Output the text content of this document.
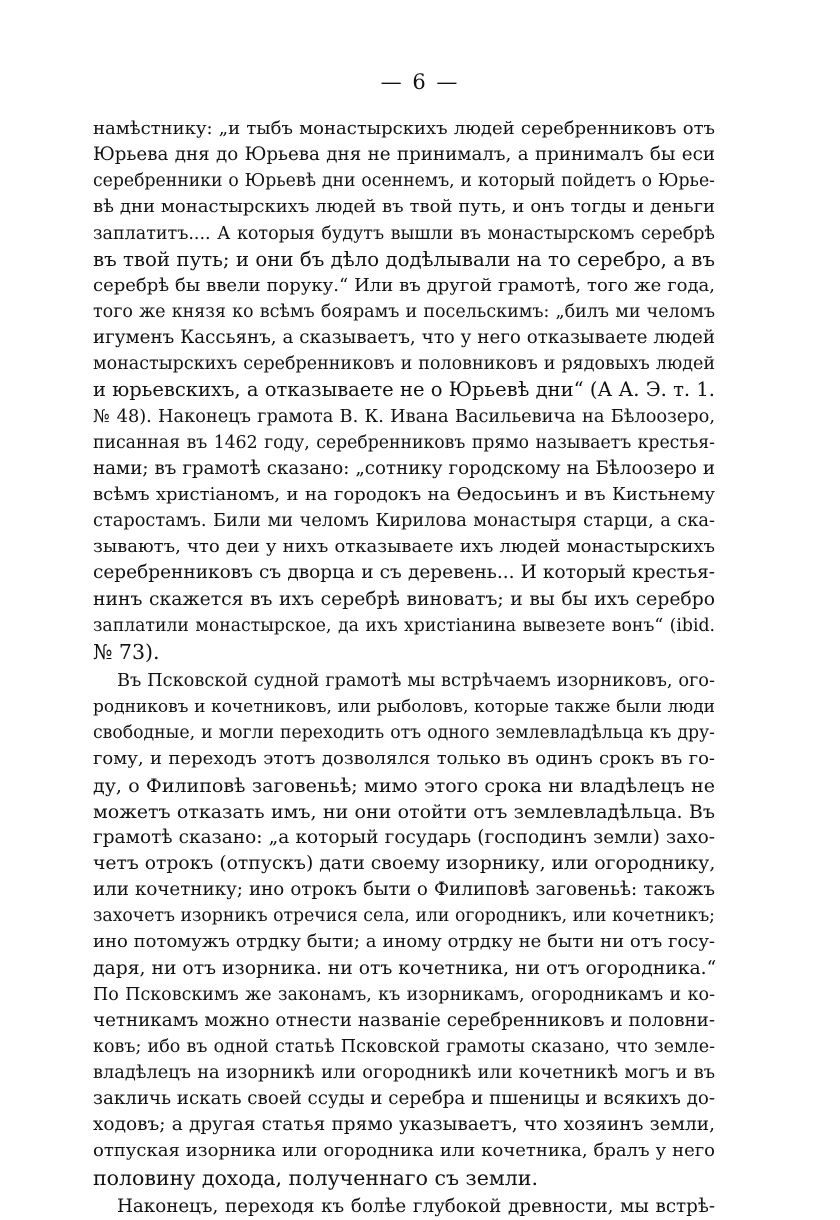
— 6 —
намѣстнику: „и тыбъ монастырскихъ людей серебренниковъ отъ
Юрьева дня до Юрьева дня не принималъ, а принималъ бы еси
серебренники о Юрьевѣ дни осеннемъ, и который пойдетъ о Юрье-
вѣ дни монастырскихъ людей въ твой путь, и онъ тогды и деньги
заплатитъ.... А которыя будутъ вышли въ монастырскомъ серебрѣ
въ твой путь; и они бъ дѣло додѣлывали на то серебро, а въ
серебрѣ бы ввели поруку.“ Или въ другой грамотѣ, того же года,
того же князя ко всѣмъ боярамъ и посельскимъ: „билъ ми челомъ
игуменъ Кассьянъ, а сказываетъ, что у него отказываете людей
монастырскихъ серебренниковъ и половниковъ и рядовыхъ людей
и юрьевскихъ, а отказываете не о Юрьевѣ дни“ (А А. Э. т. 1.
№ 48). Наконецъ грамота В. К. Ивана Васильевича на Бѣлоозеро,
писанная въ 1462 году, серебренниковъ прямо называетъ крестья-
нами; въ грамотѣ сказано: „сотнику городскому на Бѣлоозеро и
всѣмъ христіаномъ, и на городокъ на Ѳедосьинъ и въ Кистьнему
старостамъ. Били ми челомъ Кирилова монастыря старци, а ска-
зываютъ, что деи у нихъ отказываете ихъ людей монастырскихъ
серебренниковъ съ дворца и съ деревень... И который крестья-
нинъ скажется въ ихъ серебрѣ виноватъ; и вы бы ихъ серебро
заплатили монастырское, да ихъ христіанина вывезете вонъ“ (ibid.
№ 73).
Въ Псковской судной грамотѣ мы встрѣчаемъ изорниковъ, ого-
родниковъ и кочетниковъ, или рыболовъ, которые также были люди
свободные, и могли переходить отъ одного землевладѣльца къ дру-
гому, и переходъ этотъ дозволялся только въ одинъ срокъ въ го-
ду, о Филиповѣ заговеньѣ; мимо этого срока ни владѣлецъ не
можетъ отказать имъ, ни они отойти отъ землевладѣльца. Въ
грамотѣ сказано: „а который государь (господинъ земли) захо-
четъ отрокъ (отпускъ) дати своему изорнику, или огороднику,
или кочетнику; ино отрокъ быти о Филиповѣ заговеньѣ: такожъ
захочетъ изорникъ отречися села, или огородникъ, или кочетникъ;
ино потомужъ отрдку быти; а иному отрдку не быти ни отъ госу-
даря, ни отъ изорника. ни отъ кочетника, ни отъ огородника.“
По Псковскимъ же законамъ, къ изорникамъ, огородникамъ и ко-
четникамъ можно отнести названіе серебренниковъ и половни-
ковъ; ибо въ одной статьѣ Псковской грамоты сказано, что земле-
владѣлецъ на изорникѣ или огородникѣ или кочетникѣ могъ и въ
закличь искать своей ссуды и серебра и пшеницы и всякихъ до-
ходовъ; а другая статья прямо указываетъ, что хозяинъ земли,
отпуская изорника или огородника или кочетника, бралъ у него
половину дохода, полученнаго съ земли.
Наконецъ, переходя къ болѣе глубокой древности, мы встрѣ-
